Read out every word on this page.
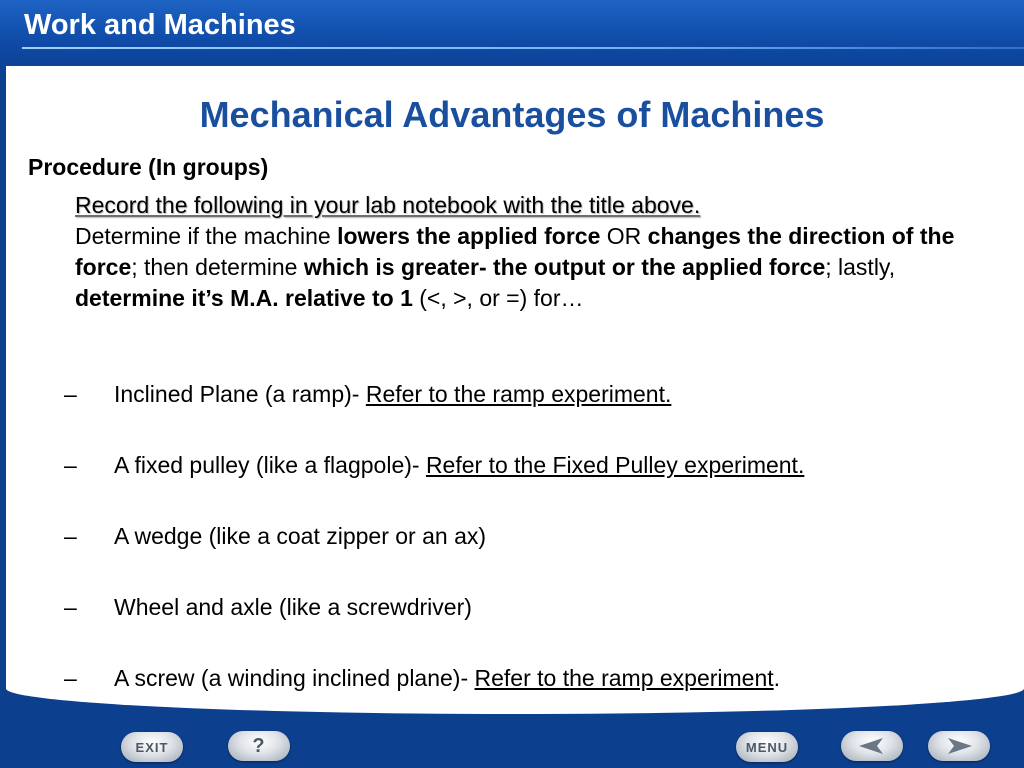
Work and Machines
Mechanical Advantages of Machines
Procedure (In groups)
Record the following in your lab notebook with the title above.
Determine if the machine lowers the applied force OR changes the direction of the force; then determine which is greater- the output or the applied force; lastly, determine it’s M.A. relative to 1 (<, >, or =) for…
– Inclined Plane (a ramp)- Refer to the ramp experiment.
– A fixed pulley (like a flagpole)- Refer to the Fixed Pulley experiment.
– A wedge (like a coat zipper or an ax)
– Wheel and axle (like a screwdriver)
– A screw (a winding inclined plane)- Refer to the ramp experiment.
EXIT	?	MENU
